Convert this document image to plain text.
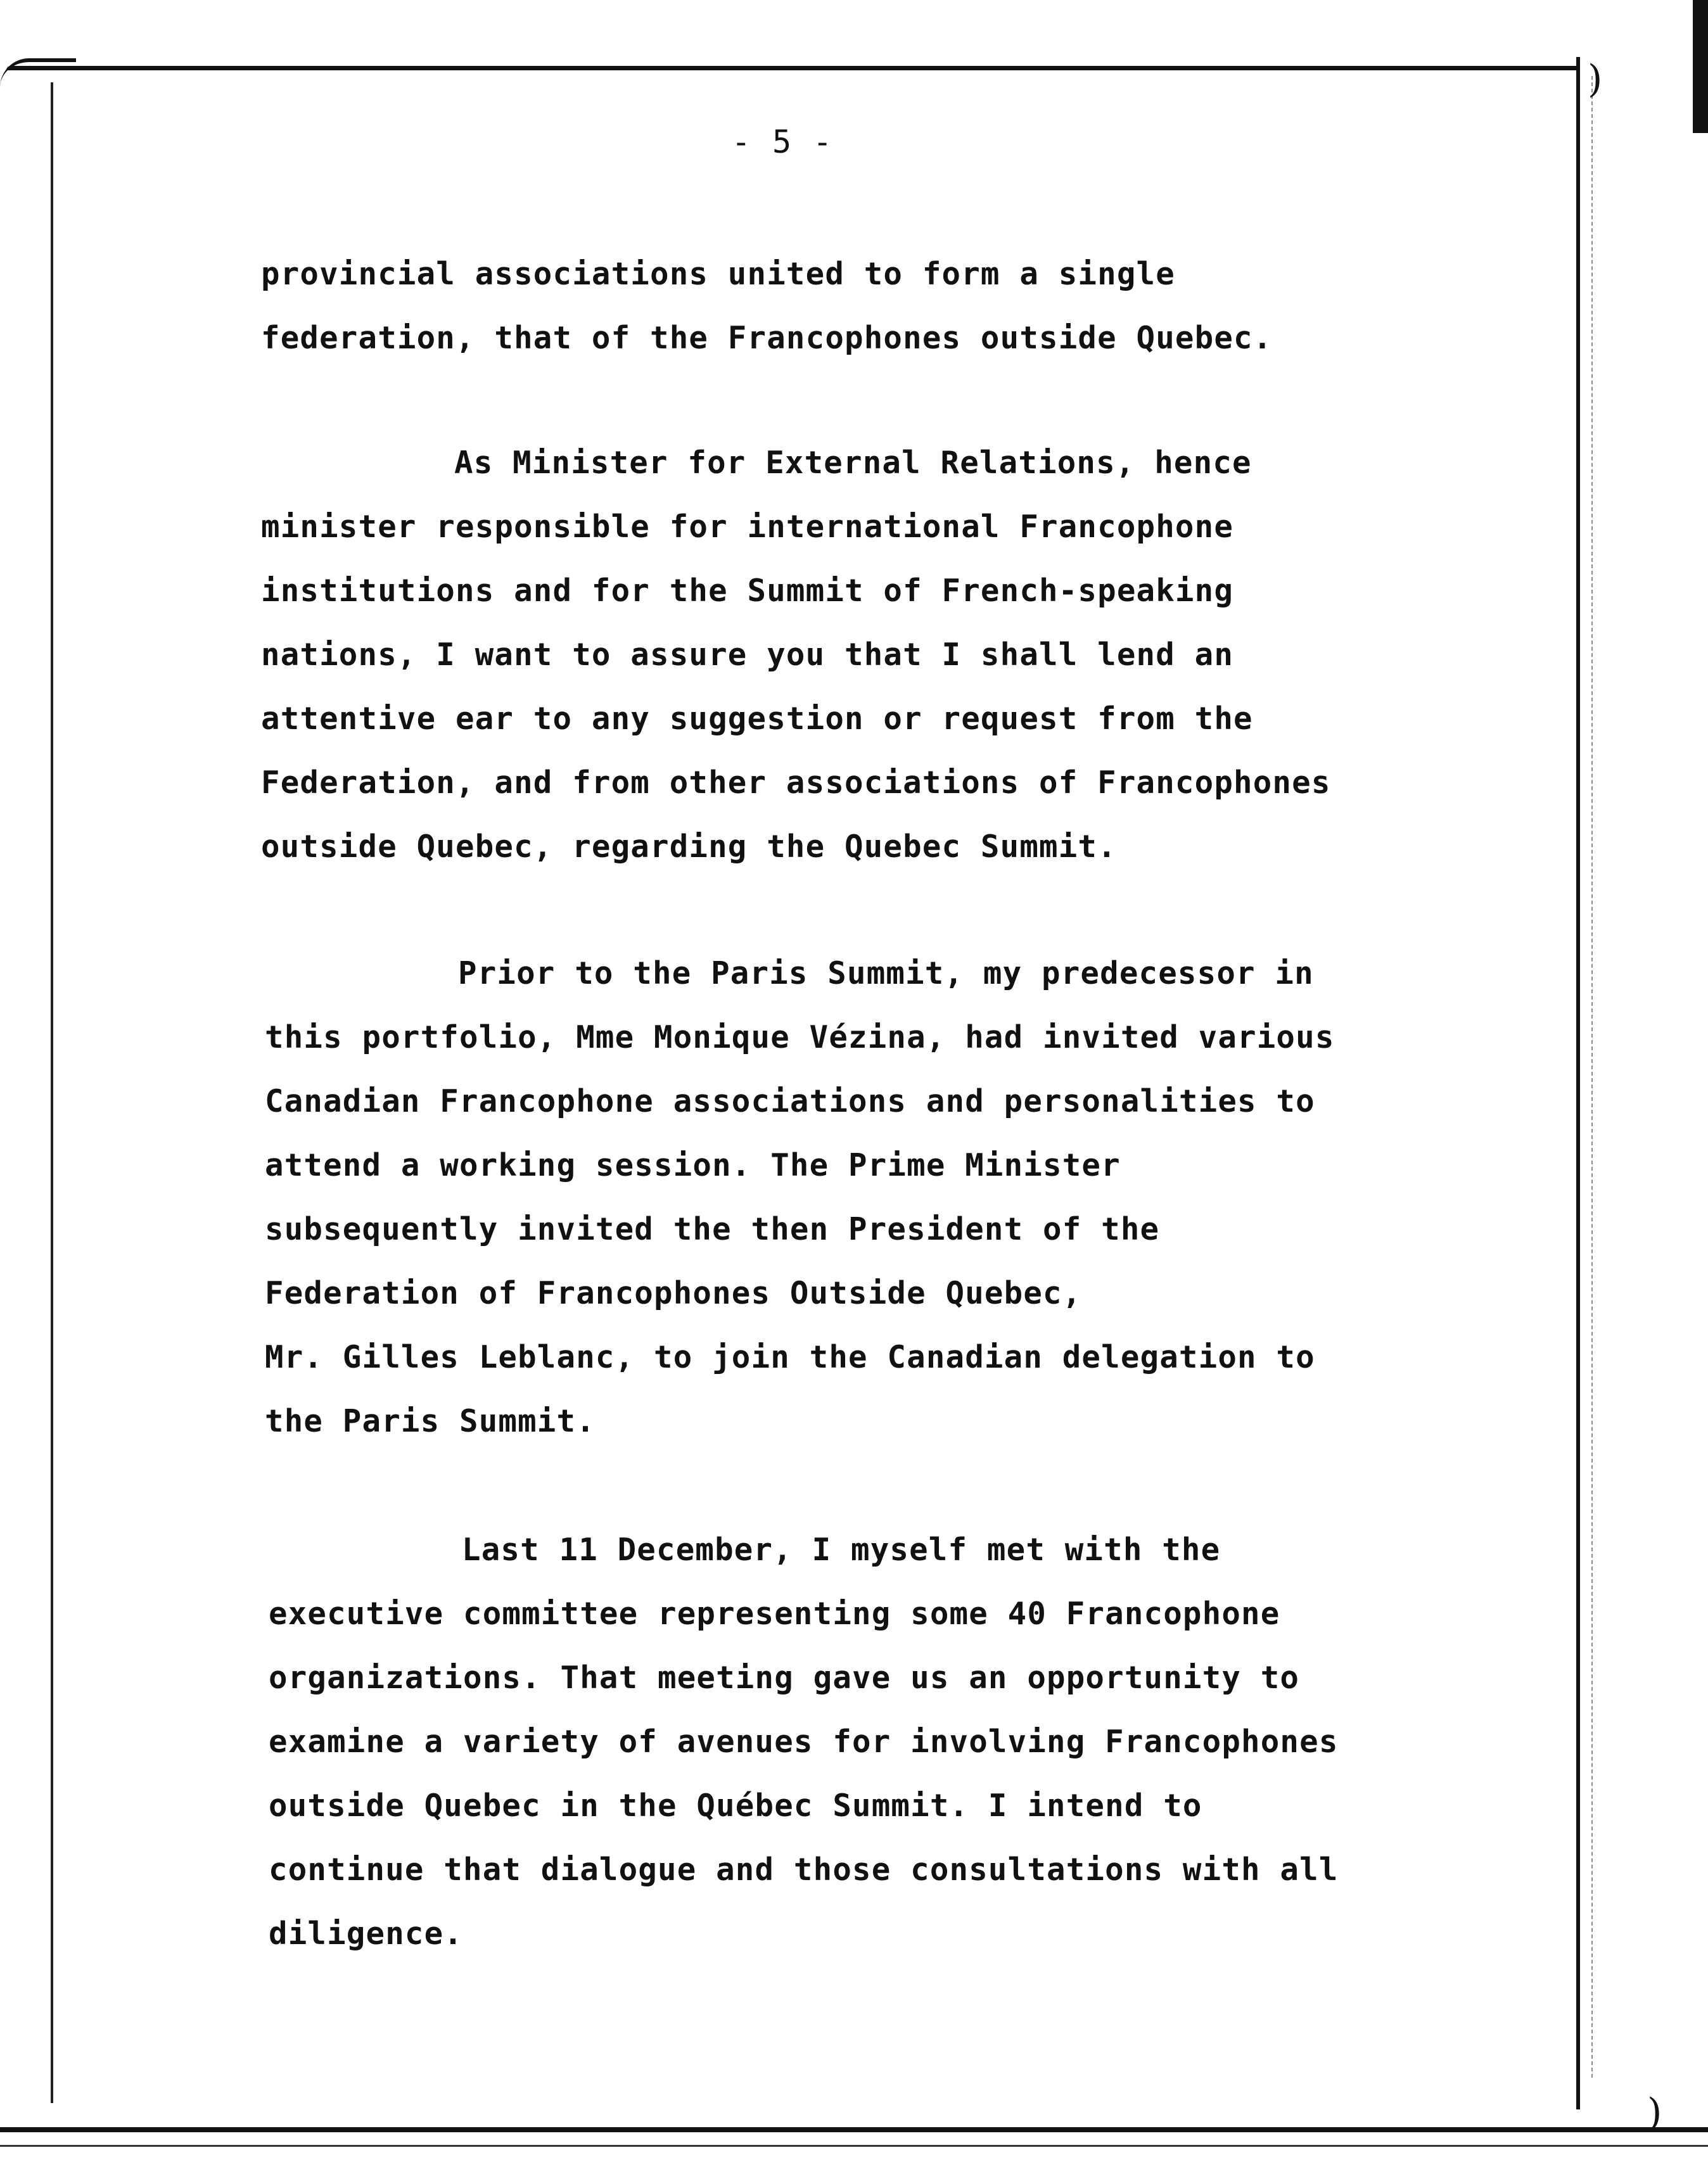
)
)
- 5 -
provincial associations united to form a single
federation, that of the Francophones outside Quebec.
As Minister for External Relations, hence
minister responsible for international Francophone
institutions and for the Summit of French-speaking
nations, I want to assure you that I shall lend an
attentive ear to any suggestion or request from the
Federation, and from other associations of Francophones
outside Quebec, regarding the Quebec Summit.
Prior to the Paris Summit, my predecessor in
this portfolio, Mme Monique Vézina, had invited various
Canadian Francophone associations and personalities to
attend a working session. The Prime Minister
subsequently invited the then President of the
Federation of Francophones Outside Quebec,
Mr. Gilles Leblanc, to join the Canadian delegation to
the Paris Summit.
Last 11 December, I myself met with the
executive committee representing some 40 Francophone
organizations. That meeting gave us an opportunity to
examine a variety of avenues for involving Francophones
outside Quebec in the Québec Summit. I intend to
continue that dialogue and those consultations with all
diligence.
